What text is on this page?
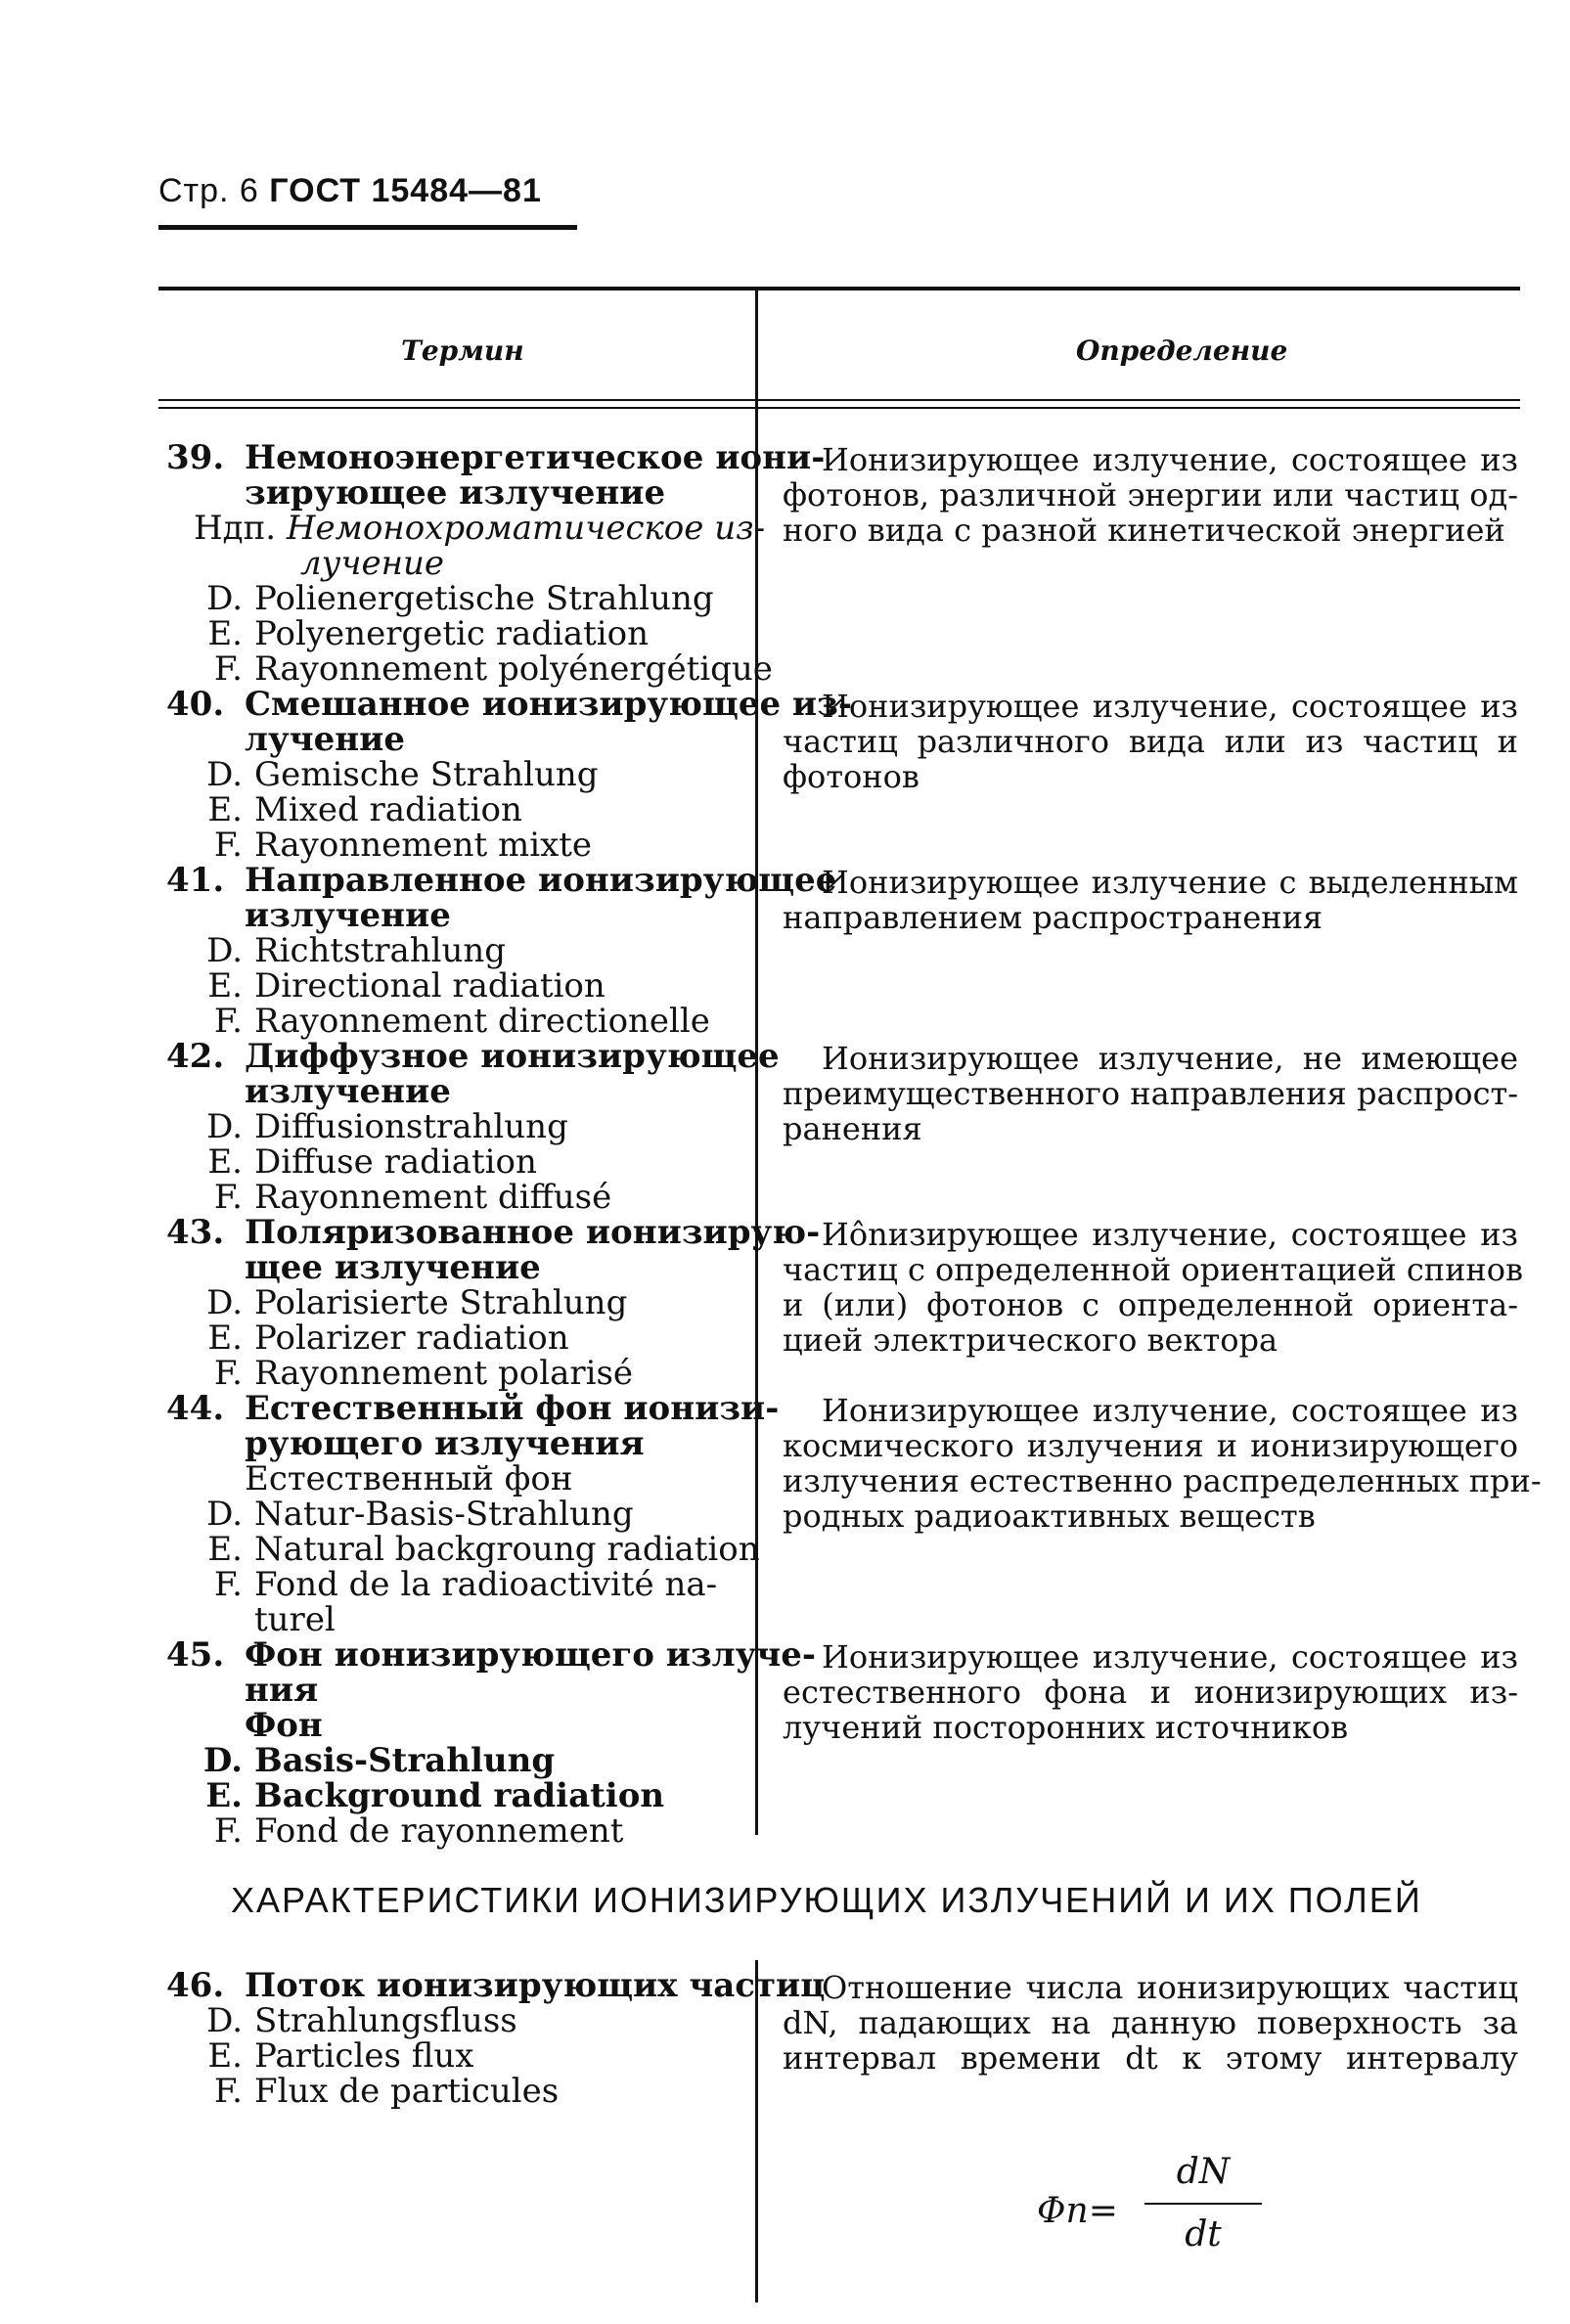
Стр. 6 ГОСТ 15484—81
Термин	Определение
39. Немоноэнергетическое иони-
зирующее излучение
Ндп. Немонохроматическое из-
лучение
D. Polienergetische Strahlung
E. Polyenergetic radiation
F. Rayonnement polyénergétique
Ионизирующее излучение, состоящее из
фотонов, различной энергии или частиц од-
ного вида с разной кинетической энергией
40. Смешанное ионизирующее из-
лучение
D. Gemische Strahlung
E. Mixed radiation
F. Rayonnement mixte
Ионизирующее излучение, состоящее из
частиц различного вида или из частиц и
фотонов
41. Направленное ионизирующее
излучение
D. Richtstrahlung
E. Directional radiation
F. Rayonnement directionelle
Ионизирующее излучение с выделенным
направлением распространения
42. Диффузное ионизирующее
излучение
D. Diffusionstrahlung
E. Diffuse radiation
F. Rayonnement diffusé
Ионизирующее излучение, не имеющее
преимущественного направления распрост-
ранения
43. Поляризованное ионизирую-
щее излучение
D. Polarisierte Strahlung
E. Polarizer radiation
F. Rayonnement polarisé
Иônизирующее излучение, состоящее из
частиц с определенной ориентацией спинов
и (или) фотонов с определенной ориента-
цией электрического вектора
44. Естественный фон ионизи-
рующего излучения
Естественный фон
D. Natur-Basis-Strahlung
E. Natural backgroung radiation
F. Fond de la radioactivité na-
turel
Ионизирующее излучение, состоящее из
космического излучения и ионизирующего
излучения естественно распределенных при-
родных радиоактивных веществ
45. Фон ионизирующего излуче-
ния
Фон
D. Basis-Strahlung
E. Background radiation
F. Fond de rayonnement
Ионизирующее излучение, состоящее из
естественного фона и ионизирующих из-
лучений посторонних источников
ХАРАКТЕРИСТИКИ ИОНИЗИРУЮЩИХ ИЗЛУЧЕНИЙ И ИХ ПОЛЕЙ
46. Поток ионизирующих частиц
D. Strahlungsfluss
E. Particles flux
F. Flux de particules
Отношение числа ионизирующих частиц
dN, падающих на данную поверхность за
интервал времени dt к этому интервалу
Φn=
dN
dt
